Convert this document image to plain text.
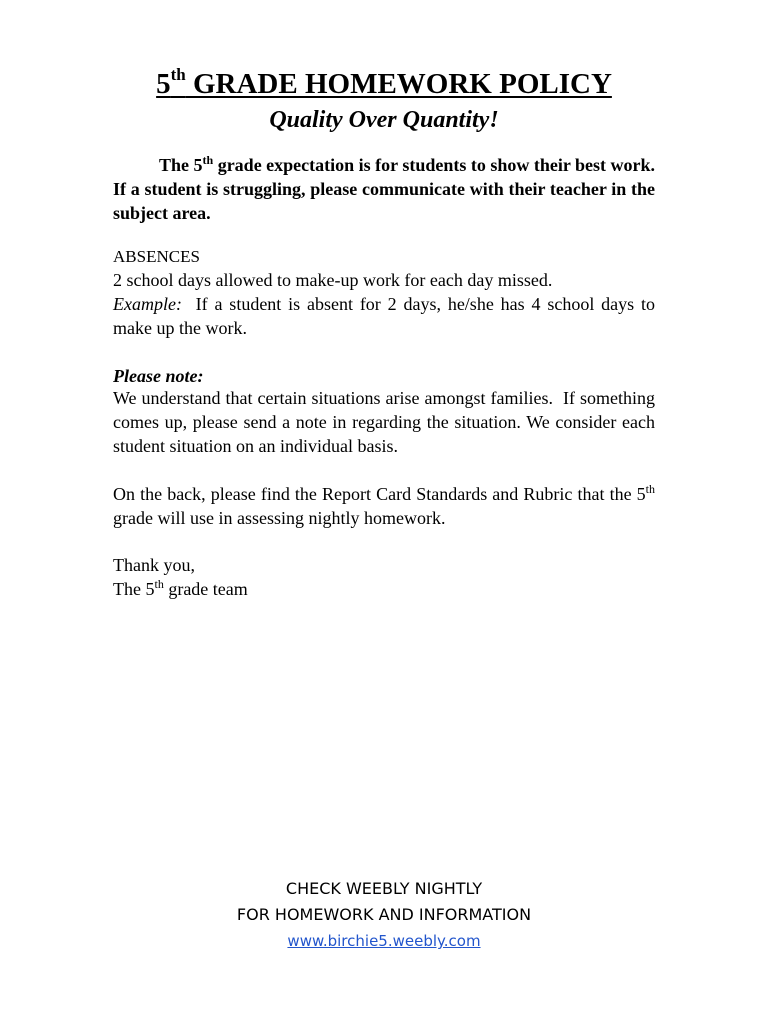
5th GRADE HOMEWORK POLICY
Quality Over Quantity!
The 5th grade expectation is for students to show their best work. If a student is struggling, please communicate with their teacher in the subject area.
ABSENCES
2 school days allowed to make-up work for each day missed.
Example:  If a student is absent for 2 days, he/she has 4 school days to make up the work.
Please note:
We understand that certain situations arise amongst families.  If something comes up, please send a note in regarding the situation. We consider each student situation on an individual basis.
On the back, please find the Report Card Standards and Rubric that the 5th grade will use in assessing nightly homework.
Thank you,
The 5th grade team
CHECK WEEBLY NIGHTLY
FOR HOMEWORK AND INFORMATION
www.birchie5.weebly.com
